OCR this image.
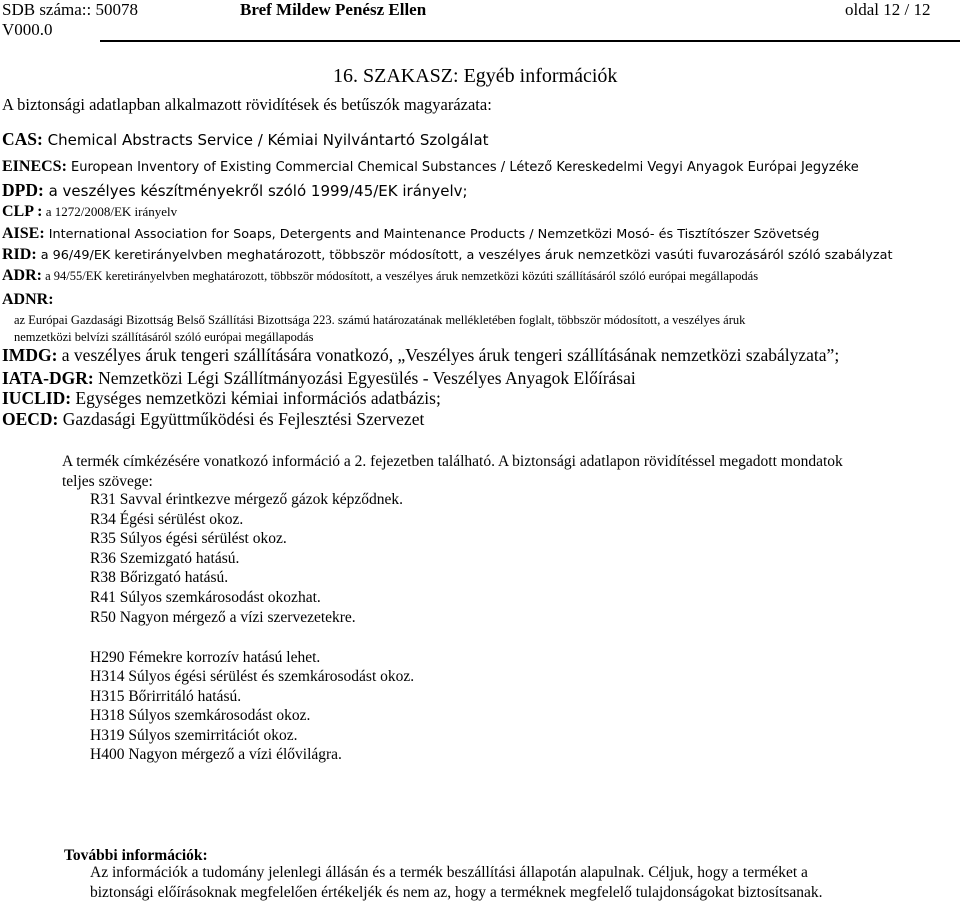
SDB száma:: 50078
V000.0
Bref Mildew Penész Ellen	oldal 12 / 12
16. SZAKASZ: Egyéb információk
A biztonsági adatlapban alkalmazott rövidítések és betűszók magyarázata:
CAS: Chemical Abstracts Service / Kémiai Nyilvántartó Szolgálat
EINECS: European Inventory of Existing Commercial Chemical Substances / Létező Kereskedelmi Vegyi Anyagok Európai Jegyzéke
DPD: a veszélyes készítményekről szóló 1999/45/EK irányelv;
CLP : a 1272/2008/EK irányelv
AISE: International Association for Soaps, Detergents and Maintenance Products / Nemzetközi Mosó- és Tisztítószer Szövetség
RID: a 96/49/EK keretirányelvben meghatározott, többször módosított, a veszélyes áruk nemzetközi vasúti fuvarozásáról szóló szabályzat
ADR: a 94/55/EK keretirányelvben meghatározott, többször módosított, a veszélyes áruk nemzetközi közúti szállításáról szóló európai megállapodás
ADNR:
az Európai Gazdasági Bizottság Belső Szállítási Bizottsága 223. számú határozatának mellékletében foglalt, többször módosított, a veszélyes áruk
nemzetközi belvízi szállításáról szóló európai megállapodás
IMDG: a veszélyes áruk tengeri szállítására vonatkozó, „Veszélyes áruk tengeri szállításának nemzetközi szabályzata”;
IATA-DGR: Nemzetközi Légi Szállítmányozási Egyesülés - Veszélyes Anyagok Előírásai
IUCLID: Egységes nemzetközi kémiai információs adatbázis;
OECD: Gazdasági Együttműködési és Fejlesztési Szervezet
A termék címkézésére vonatkozó információ a 2. fejezetben található. A biztonsági adatlapon rövidítéssel megadott mondatok
teljes szövege:
R31 Savval érintkezve mérgező gázok képződnek.
R34 Égési sérülést okoz.
R35 Súlyos égési sérülést okoz.
R36 Szemizgató hatású.
R38 Bőrizgató hatású.
R41 Súlyos szemkárosodást okozhat.
R50 Nagyon mérgező a vízi szervezetekre.
H290 Fémekre korrozív hatású lehet.
H314 Súlyos égési sérülést és szemkárosodást okoz.
H315 Bőrirritáló hatású.
H318 Súlyos szemkárosodást okoz.
H319 Súlyos szemirritációt okoz.
H400 Nagyon mérgező a vízi élővilágra.
További információk:
Az információk a tudomány jelenlegi állásán és a termék beszállítási állapotán alapulnak. Céljuk, hogy a terméket a
biztonsági előírásoknak megfelelően értékeljék és nem az, hogy a terméknek megfelelő tulajdonságokat biztosítsanak.
